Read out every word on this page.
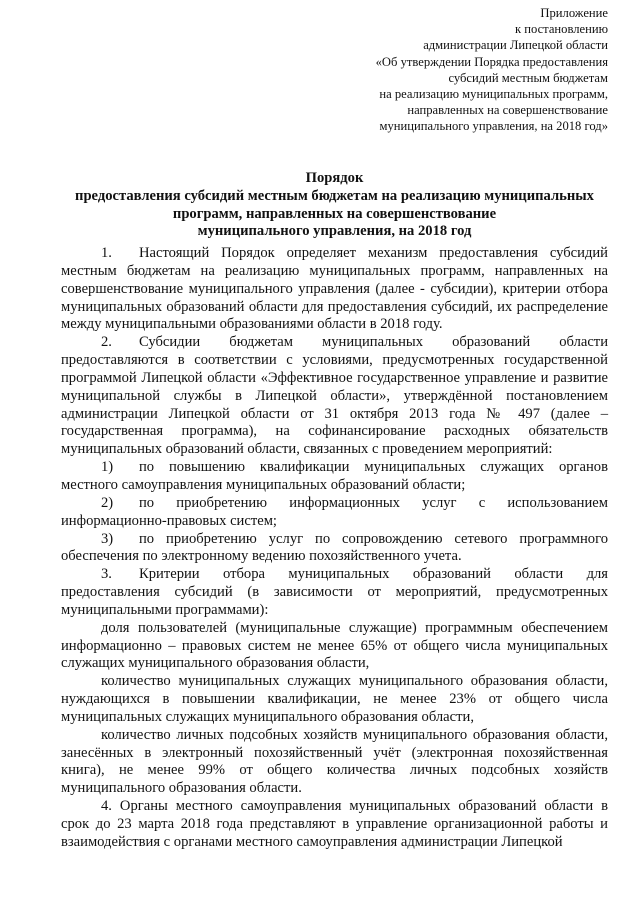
Приложение
к постановлению
администрации Липецкой области
«Об утверждении Порядка предоставления
субсидий местным бюджетам
на реализацию муниципальных программ,
направленных на совершенствование
муниципального управления, на 2018 год»
Порядок
предоставления субсидий местным бюджетам на реализацию муниципальных
программ, направленных на совершенствование
муниципального управления, на 2018 год

1. Настоящий Порядок определяет механизм предоставления субсидий местным бюджетам на реализацию муниципальных программ, направленных на совершенствование муниципального управления (далее - субсидии), критерии отбора муниципальных образований области для предоставления субсидий, их распределение между муниципальными образованиями области в 2018 году.

2. Субсидии бюджетам муниципальных образований области предоставляются в соответствии с условиями, предусмотренных государственной программой Липецкой области «Эффективное государственное управление и развитие муниципальной службы в Липецкой области», утверждённой постановлением администрации Липецкой области от 31 октября 2013 года № 497 (далее – государственная программа), на софинансирование расходных обязательств муниципальных образований области, связанных с проведением мероприятий:

1) по повышению квалификации муниципальных служащих органов местного самоуправления муниципальных образований области;

2) по приобретению информационных услуг с использованием информационно-правовых систем;

3) по приобретению услуг по сопровождению сетевого программного обеспечения по электронному ведению похозяйственного учета.

3. Критерии отбора муниципальных образований области для предоставления субсидий (в зависимости от мероприятий, предусмотренных муниципальными программами):

доля пользователей (муниципальные служащие) программным обеспечением информационно – правовых систем не менее 65% от общего числа муниципальных служащих муниципального образования области,

количество муниципальных служащих муниципального образования области, нуждающихся в повышении квалификации, не менее 23% от общего числа муниципальных служащих муниципального образования области,

количество личных подсобных хозяйств муниципального образования области, занесённых в электронный похозяйственный учёт (электронная похозяйственная книга), не менее 99% от общего количества личных подсобных хозяйств муниципального образования области.

4. Органы местного самоуправления муниципальных образований области в срок до 23 марта 2018 года представляют в управление организационной работы и взаимодействия с органами местного самоуправления администрации Липецкой
